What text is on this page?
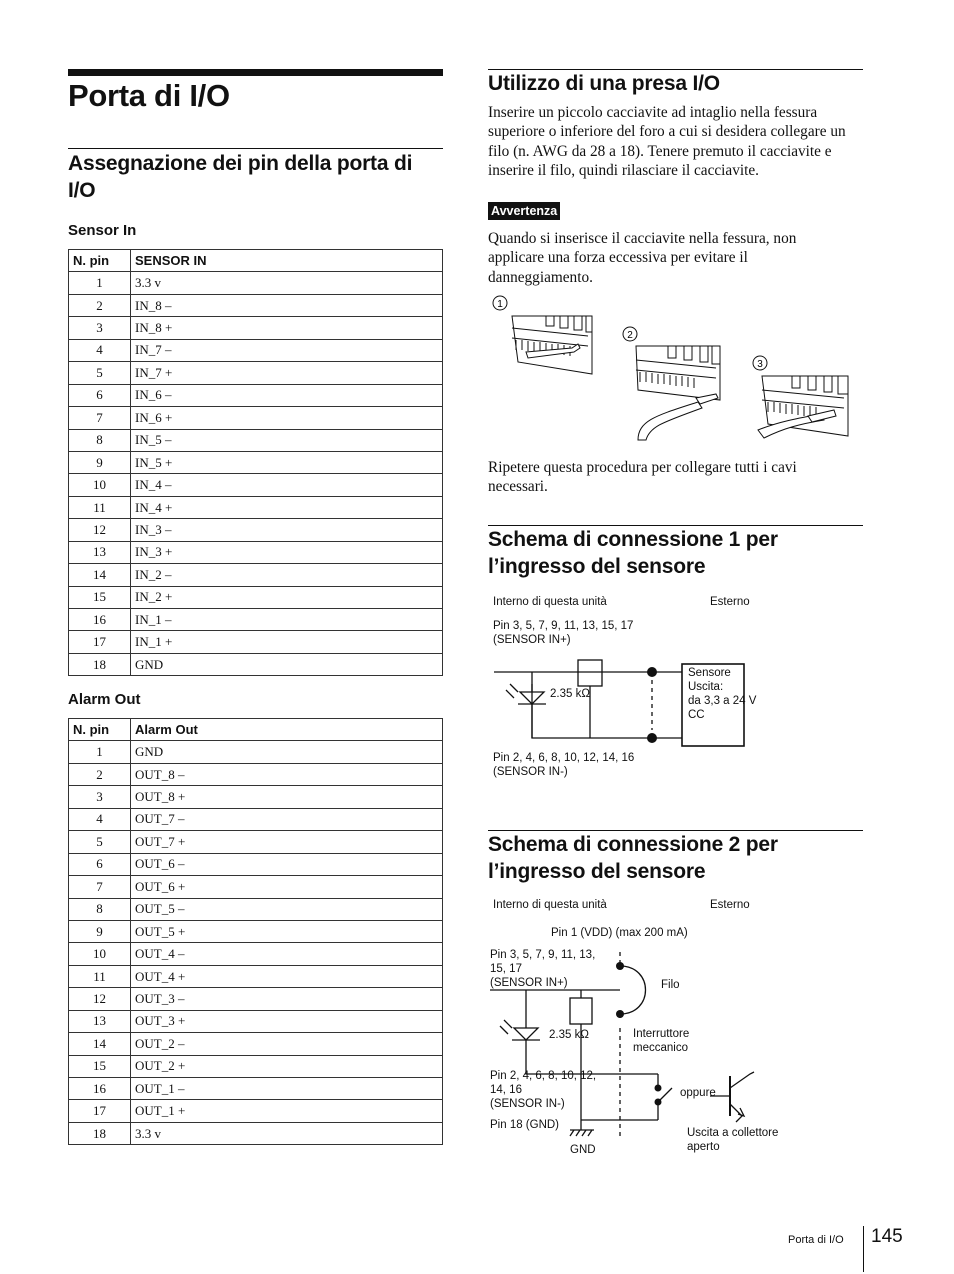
Porta di I/O
Assegnazione dei pin della porta di I/O
Sensor In
N. pin	SENSOR IN
1	3.3 v
2	IN_8 –
3	IN_8 +
4	IN_7 –
5	IN_7 +
6	IN_6 –
7	IN_6 +
8	IN_5 –
9	IN_5 +
10	IN_4 –
11	IN_4 +
12	IN_3 –
13	IN_3 +
14	IN_2 –
15	IN_2 +
16	IN_1 –
17	IN_1 +
18	GND
Alarm Out
N. pin	Alarm Out
1	GND
2	OUT_8 –
3	OUT_8 +
4	OUT_7 –
5	OUT_7 +
6	OUT_6 –
7	OUT_6 +
8	OUT_5 –
9	OUT_5 +
10	OUT_4 –
11	OUT_4 +
12	OUT_3 –
13	OUT_3 +
14	OUT_2 –
15	OUT_2 +
16	OUT_1 –
17	OUT_1 +
18	3.3 v
Utilizzo di una presa I/O
Inserire un piccolo cacciavite ad intaglio nella fessura superiore o inferiore del foro a cui si desidera collegare un filo (n. AWG da 28 a 18). Tenere premuto il cacciavite e inserire il filo, quindi rilasciare il cacciavite.
Avvertenza
Quando si inserisce il cacciavite nella fessura, non applicare una forza eccessiva per evitare il danneggiamento.
1
2
3
Ripetere questa procedura per collegare tutti i cavi necessari.
Schema di connessione 1 per
l’ingresso del sensore
Interno di questa unità	Esterno
Pin 3, 5, 7, 9, 11, 13, 15, 17
(SENSOR IN+)
2.35 kΩ
Sensore
Uscita:
da 3,3 a 24 V
CC
Pin 2, 4, 6, 8, 10, 12, 14, 16
(SENSOR IN-)
Schema di connessione 2 per
l’ingresso del sensore
Interno di questa unità	Esterno
Pin 1 (VDD) (max 200 mA)
Pin 3, 5, 7, 9, 11, 13,
15, 17
(SENSOR IN+)	Filo
2.35 kΩ	Interruttore
meccanico
Pin 2, 4, 6, 8, 10, 12,
14, 16
(SENSOR IN-)
oppure
Pin 18 (GND)
GND
Uscita a collettore
aperto
Porta di I/O 145
